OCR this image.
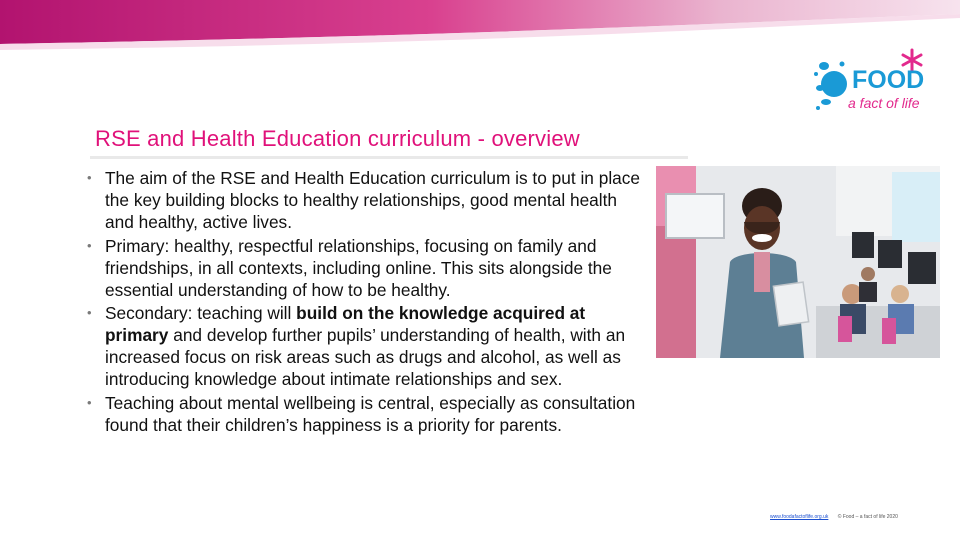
FOOD
a fact of life
RSE and Health Education curriculum - overview
• The aim of the RSE and Health Education curriculum is to put in place the key building blocks to healthy relationships, good mental health and healthy, active lives.
• Primary: healthy, respectful relationships, focusing on family and friendships, in all contexts, including online. This sits alongside the essential understanding of how to be healthy.
• Secondary: teaching will build on the knowledge acquired at primary and develop further pupils’ understanding of health, with an increased focus on risk areas such as drugs and alcohol, as well as introducing knowledge about intimate relationships and sex.
• Teaching about mental wellbeing is central, especially as consultation found that their children’s happiness is a priority for parents.
www.foodafactoflife.org.uk © Food – a fact of life 2020
